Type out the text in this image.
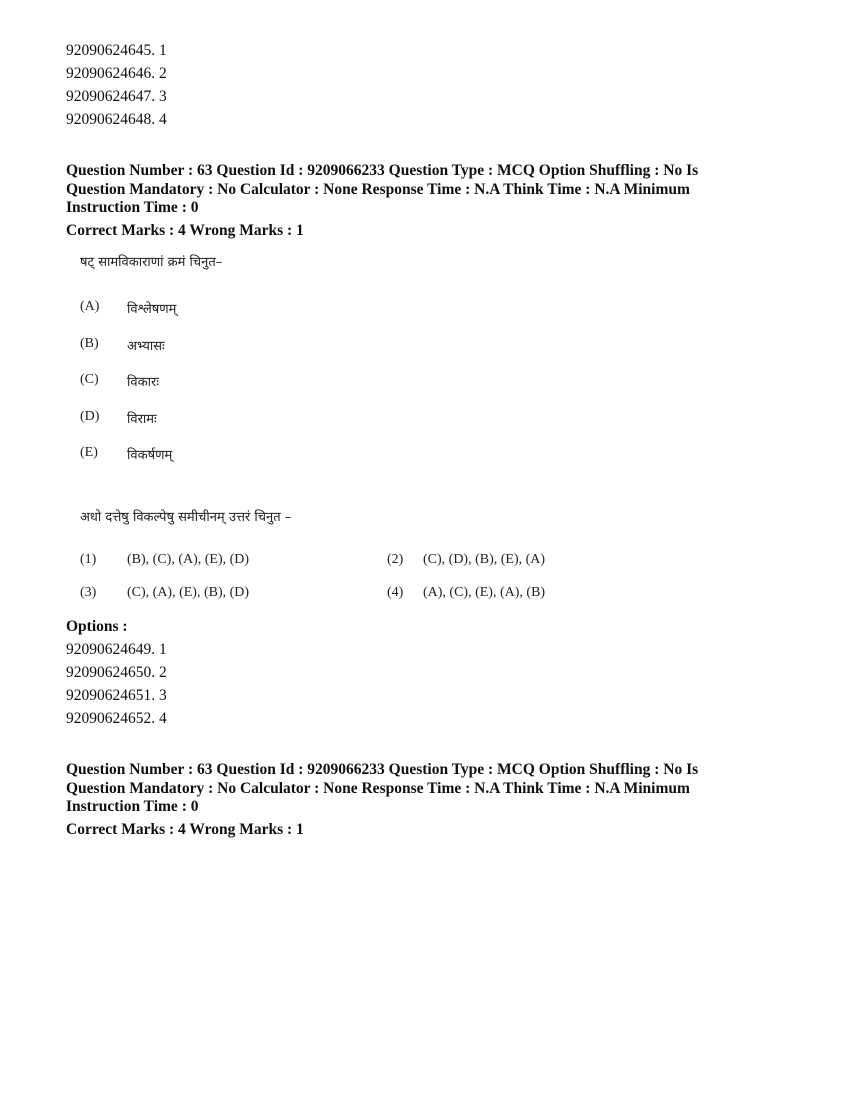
92090624645. 1
92090624646. 2
92090624647. 3
92090624648. 4
Question Number : 63 Question Id : 9209066233 Question Type : MCQ Option Shuffling : No Is Question Mandatory : No Calculator : None Response Time : N.A Think Time : N.A Minimum Instruction Time : 0
Correct Marks : 4 Wrong Marks : 1
षट् सामविकाराणां क्रमं चिनुत–
(A) विश्लेषणम्
(B) अभ्यासः
(C) विकारः
(D) विरामः
(E) विकर्षणम्
अधो दत्तेषु विकल्पेषु समीचीनम् उत्तरं चिनुत –
(1) (B), (C), (A), (E), (D)	(2) (C), (D), (B), (E), (A)
(3) (C), (A), (E), (B), (D)	(4) (A), (C), (E), (A), (B)
Options :
92090624649. 1
92090624650. 2
92090624651. 3
92090624652. 4
Question Number : 63 Question Id : 9209066233 Question Type : MCQ Option Shuffling : No Is Question Mandatory : No Calculator : None Response Time : N.A Think Time : N.A Minimum Instruction Time : 0
Correct Marks : 4 Wrong Marks : 1
